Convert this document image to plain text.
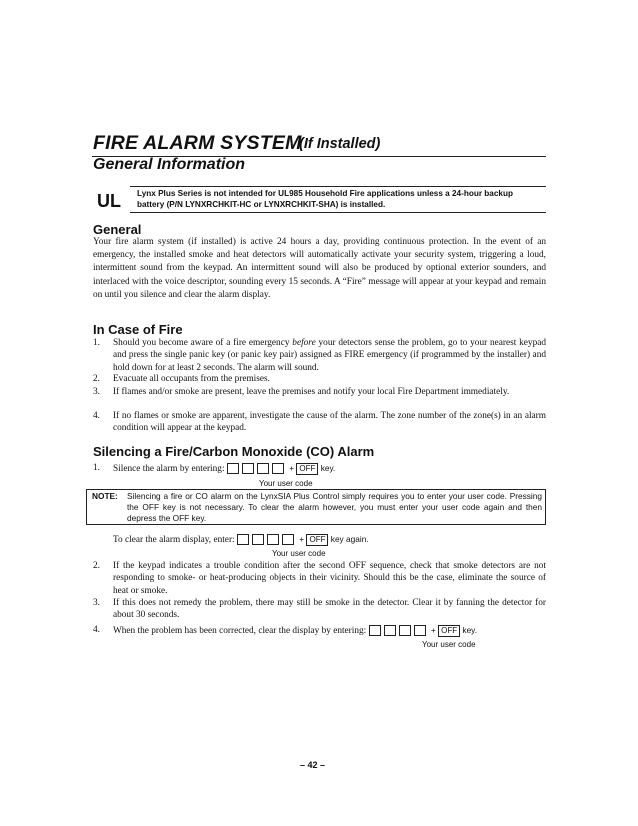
FIRE ALARM SYSTEM
(If Installed)
General Information
UL Lynx Plus Series is not intended for UL985 Household Fire applications unless a 24-hour backup battery (P/N LYNXRCHKIT-HC or LYNXRCHKIT-SHA) is installed.
General
Your fire alarm system (if installed) is active 24 hours a day, providing continuous protection. In the event of an emergency, the installed smoke and heat detectors will automatically activate your security system, triggering a loud, intermittent sound from the keypad. An intermittent sound will also be produced by optional exterior sounders, and interlaced with the voice descriptor, sounding every 15 seconds. A “Fire” message will appear at your keypad and remain on until you silence and clear the alarm display.
In Case of Fire
1. Should you become aware of a fire emergency before your detectors sense the problem, go to your nearest keypad and press the single panic key (or panic key pair) assigned as FIRE emergency (if programmed by the installer) and hold down for at least 2 seconds. The alarm will sound.
2. Evacuate all occupants from the premises.
3. If flames and/or smoke are present, leave the premises and notify your local Fire Department immediately.
4. If no flames or smoke are apparent, investigate the cause of the alarm. The zone number of the zone(s) in an alarm condition will appear at the keypad.
Silencing a Fire/Carbon Monoxide (CO) Alarm
1. Silence the alarm by entering:	+ OFF key.
Your user code
NOTE: Silencing a fire or CO alarm on the LynxSIA Plus Control simply requires you to enter your user code. Pressing the OFF key is not necessary. To clear the alarm however, you must enter your user code again and then depress the OFF key.
To clear the alarm display, enter:	+ OFF key again.
Your user code
2. If the keypad indicates a trouble condition after the second OFF sequence, check that smoke detectors are not responding to smoke- or heat-producing objects in their vicinity. Should this be the case, eliminate the source of heat or smoke.
3. If this does not remedy the problem, there may still be smoke in the detector. Clear it by fanning the detector for about 30 seconds.
4. When the problem has been corrected, clear the display by entering:	+ OFF key.
Your user code
– 42 –
